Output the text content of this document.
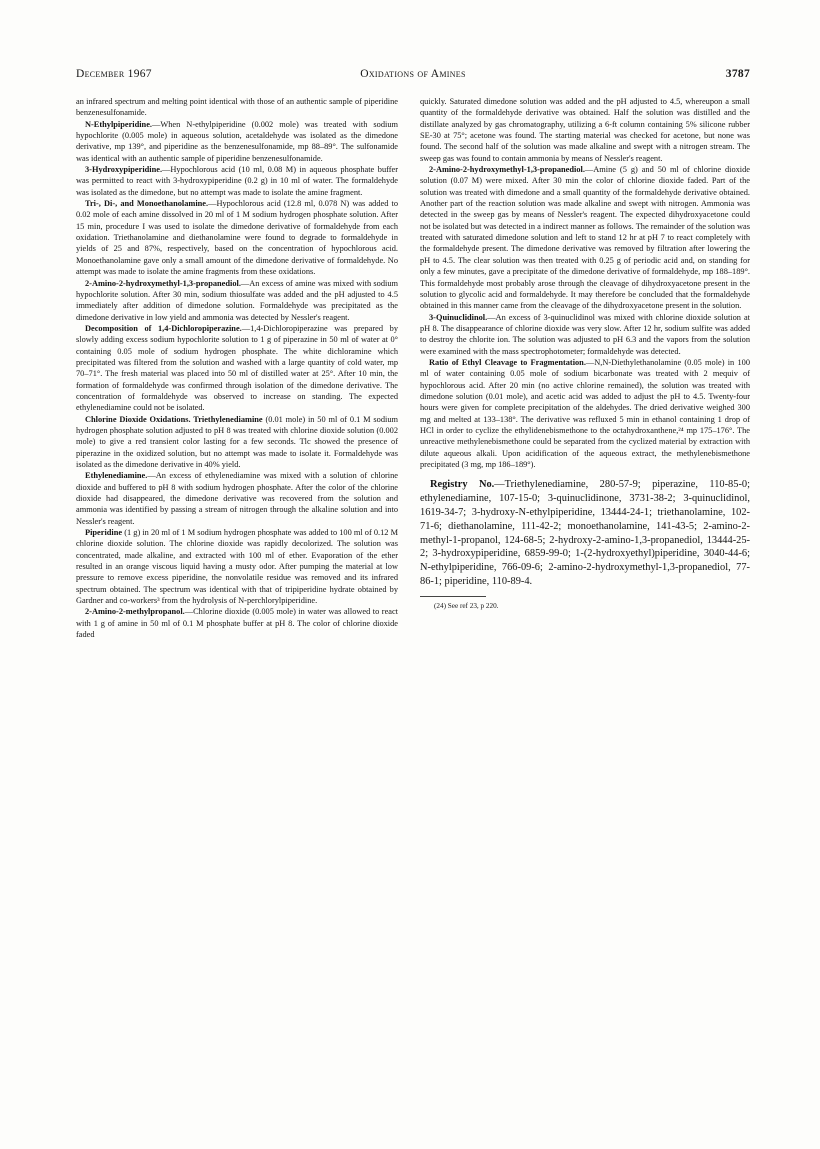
December 1967	Oxidations of Amines	3787

an infrared spectrum and melting point identical with those of an authentic sample of piperidine benzenesulfonamide.

N-Ethylpiperidine.—When N-ethylpiperidine (0.002 mole) was treated with sodium hypochlorite (0.005 mole) in aqueous solution, acetaldehyde was isolated as the dimedone derivative, mp 139°, and piperidine as the benzenesulfonamide, mp 88–89°. The sulfonamide was identical with an authentic sample of piperidine benzenesulfonamide.

3-Hydroxypiperidine.—Hypochlorous acid (10 ml, 0.08 M) in aqueous phosphate buffer was permitted to react with 3-hydroxypiperidine (0.2 g) in 10 ml of water. The formaldehyde was isolated as the dimedone, but no attempt was made to isolate the amine fragment.

Tri-, Di-, and Monoethanolamine.—Hypochlorous acid (12.8 ml, 0.078 N) was added to 0.02 mole of each amine dissolved in 20 ml of 1 M sodium hydrogen phosphate solution. After 15 min, procedure I was used to isolate the dimedone derivative of formaldehyde from each oxidation. Triethanolamine and diethanolamine were found to degrade to formaldehyde in yields of 25 and 87%, respectively, based on the concentration of hypochlorous acid. Monoethanolamine gave only a small amount of the dimedone derivative of formaldehyde. No attempt was made to isolate the amine fragments from these oxidations.

2-Amino-2-hydroxymethyl-1,3-propanediol.—An excess of amine was mixed with sodium hypochlorite solution. After 30 min, sodium thiosulfate was added and the pH adjusted to 4.5 immediately after addition of dimedone solution. Formaldehyde was precipitated as the dimedone derivative in low yield and ammonia was detected by Nessler's reagent.

Decomposition of 1,4-Dichloropiperazine.—1,4-Dichloropiperazine was prepared by slowly adding excess sodium hypochlorite solution to 1 g of piperazine in 50 ml of water at 0° containing 0.05 mole of sodium hydrogen phosphate. The white dichloramine which precipitated was filtered from the solution and washed with a large quantity of cold water, mp 70–71°. The fresh material was placed into 50 ml of distilled water at 25°. After 10 min, the formation of formaldehyde was confirmed through isolation of the dimedone derivative. The concentration of formaldehyde was observed to increase on standing. The expected ethylenediamine could not be isolated.

Chlorine Dioxide Oxidations. Triethylenediamine (0.01 mole) in 50 ml of 0.1 M sodium hydrogen phosphate solution adjusted to pH 8 was treated with chlorine dioxide solution (0.002 mole) to give a red transient color lasting for a few seconds. Tlc showed the presence of piperazine in the oxidized solution, but no attempt was made to isolate it. Formaldehyde was isolated as the dimedone derivative in 40% yield.

Ethylenediamine.—An excess of ethylenediamine was mixed with a solution of chlorine dioxide and buffered to pH 8 with sodium hydrogen phosphate. After the color of the chlorine dioxide had disappeared, the dimedone derivative was recovered from the solution and ammonia was identified by passing a stream of nitrogen through the alkaline solution and into Nessler's reagent.

Piperidine (1 g) in 20 ml of 1 M sodium hydrogen phosphate was added to 100 ml of 0.12 M chlorine dioxide solution. The chlorine dioxide was rapidly decolorized. The solution was concentrated, made alkaline, and extracted with 100 ml of ether. Evaporation of the ether resulted in an orange viscous liquid having a musty odor. After pumping the material at low pressure to remove excess piperidine, the nonvolatile residue was removed and its infrared spectrum obtained. The spectrum was identical with that of tripiperidine hydrate obtained by Gardner and co-workers³ from the hydrolysis of N-perchlorylpiperidine.

2-Amino-2-methylpropanol.—Chlorine dioxide (0.005 mole) in water was allowed to react with 1 g of amine in 50 ml of 0.1 M phosphate buffer at pH 8. The color of chlorine dioxide faded

quickly. Saturated dimedone solution was added and the pH adjusted to 4.5, whereupon a small quantity of the formaldehyde derivative was obtained. Half the solution was distilled and the distillate analyzed by gas chromatography, utilizing a 6-ft column containing 5% silicone rubber SE-30 at 75°; acetone was found. The starting material was checked for acetone, but none was found. The second half of the solution was made alkaline and swept with a nitrogen stream. The sweep gas was found to contain ammonia by means of Nessler's reagent.

2-Amino-2-hydroxymethyl-1,3-propanediol.—Amine (5 g) and 50 ml of chlorine dioxide solution (0.07 M) were mixed. After 30 min the color of chlorine dioxide faded. Part of the solution was treated with dimedone and a small quantity of the formaldehyde derivative obtained. Another part of the reaction solution was made alkaline and swept with nitrogen. Ammonia was detected in the sweep gas by means of Nessler's reagent. The expected dihydroxyacetone could not be isolated but was detected in a indirect manner as follows. The remainder of the solution was treated with saturated dimedone solution and left to stand 12 hr at pH 7 to react completely with the formaldehyde present. The dimedone derivative was removed by filtration after lowering the pH to 4.5. The clear solution was then treated with 0.25 g of periodic acid and, on standing for only a few minutes, gave a precipitate of the dimedone derivative of formaldehyde, mp 188–189°. This formaldehyde most probably arose through the cleavage of dihydroxyacetone present in the solution to glycolic acid and formaldehyde. It may therefore be concluded that the formaldehyde obtained in this manner came from the cleavage of the dihydroxyacetone present in the solution.

3-Quinuclidinol.—An excess of 3-quinuclidinol was mixed with chlorine dioxide solution at pH 8. The disappearance of chlorine dioxide was very slow. After 12 hr, sodium sulfite was added to destroy the chlorite ion. The solution was adjusted to pH 6.3 and the vapors from the solution were examined with the mass spectrophotometer; formaldehyde was detected.

Ratio of Ethyl Cleavage to Fragmentation.—N,N-Diethylethanolamine (0.05 mole) in 100 ml of water containing 0.05 mole of sodium bicarbonate was treated with 2 mequiv of hypochlorous acid. After 20 min (no active chlorine remained), the solution was treated with dimedone solution (0.01 mole), and acetic acid was added to adjust the pH to 4.5. Twenty-four hours were given for complete precipitation of the aldehydes. The dried derivative weighed 300 mg and melted at 133–138°. The derivative was refluxed 5 min in ethanol containing 1 drop of HCl in order to cyclize the ethylidenebismethone to the octahydroxanthene,²⁴ mp 175–176°. The unreactive methylenebismethone could be separated from the cyclized material by extraction with dilute aqueous alkali. Upon acidification of the aqueous extract, the methylenebismethone precipitated (3 mg, mp 186–189°).

Registry No.—Triethylenediamine, 280-57-9; piperazine, 110-85-0; ethylenediamine, 107-15-0; 3-quinuclidinone, 3731-38-2; 3-quinuclidinol, 1619-34-7; 3-hydroxy-N-ethylpiperidine, 13444-24-1; triethanolamine, 102-71-6; diethanolamine, 111-42-2; monoethanolamine, 141-43-5; 2-amino-2-methyl-1-propanol, 124-68-5; 2-hydroxy-2-amino-1,3-propanediol, 13444-25-2; 3-hydroxypiperidine, 6859-99-0; 1-(2-hydroxyethyl)piperidine, 3040-44-6; N-ethylpiperidine, 766-09-6; 2-amino-2-hydroxymethyl-1,3-propanediol, 77-86-1; piperidine, 110-89-4.

(24) See ref 23, p 220.
